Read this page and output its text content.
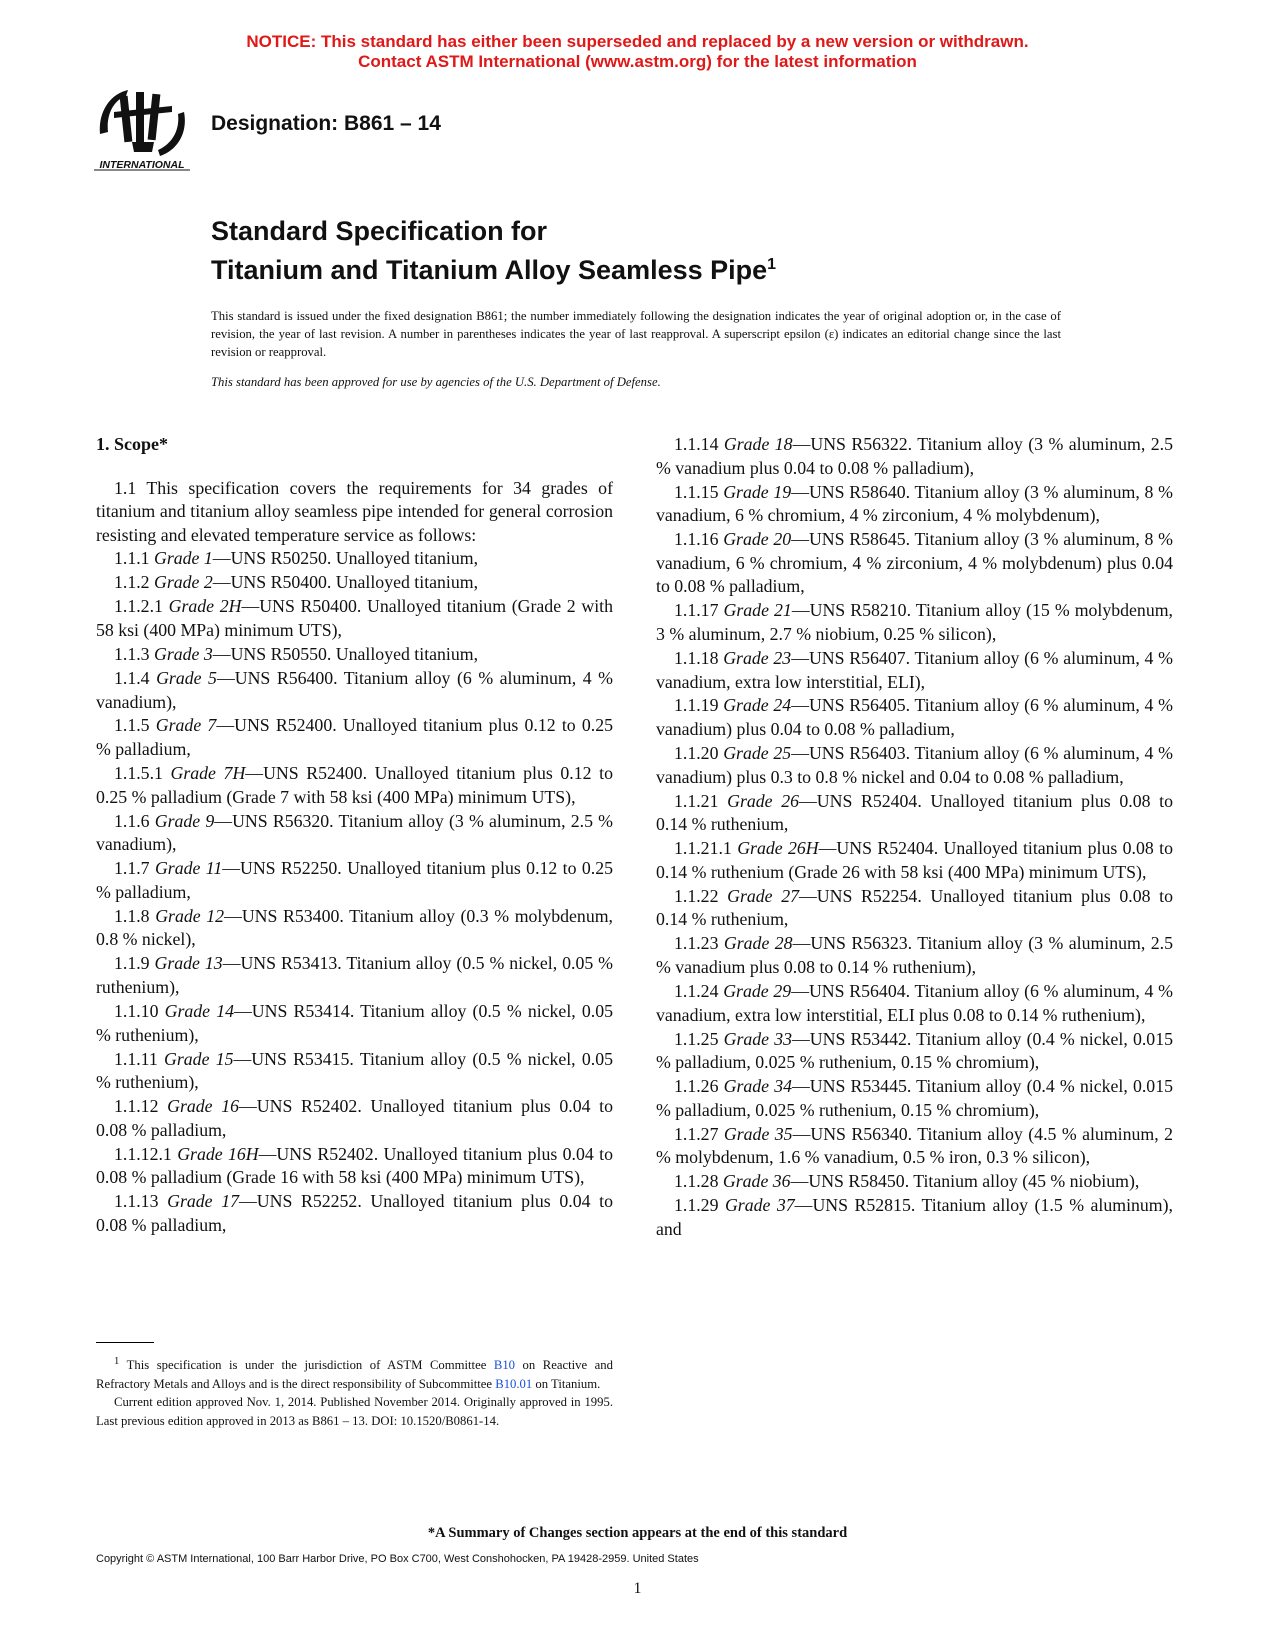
NOTICE: This standard has either been superseded and replaced by a new version or withdrawn.
Contact ASTM International (www.astm.org) for the latest information
INTERNATIONAL
Designation: B861 – 14
Standard Specification for
Titanium and Titanium Alloy Seamless Pipe$^1$
This standard is issued under the fixed designation B861; the number immediately following the designation indicates the year of original adoption or, in the case of revision, the year of last revision. A number in parentheses indicates the year of last reapproval. A superscript epsilon (ε) indicates an editorial change since the last revision or reapproval.
This standard has been approved for use by agencies of the U.S. Department of Defense.

1. Scope*

1.1 This specification covers the requirements for 34 grades of titanium and titanium alloy seamless pipe intended for general corrosion resisting and elevated temperature service as follows:

1.1.1 Grade 1—UNS R50250. Unalloyed titanium,

1.1.2 Grade 2—UNS R50400. Unalloyed titanium,

1.1.2.1 Grade 2H—UNS R50400. Unalloyed titanium (Grade 2 with 58 ksi (400 MPa) minimum UTS),

1.1.3 Grade 3—UNS R50550. Unalloyed titanium,

1.1.4 Grade 5—UNS R56400. Titanium alloy (6 % aluminum, 4 % vanadium),

1.1.5 Grade 7—UNS R52400. Unalloyed titanium plus 0.12 to 0.25 % palladium,

1.1.5.1 Grade 7H—UNS R52400. Unalloyed titanium plus 0.12 to 0.25 % palladium (Grade 7 with 58 ksi (400 MPa) minimum UTS),

1.1.6 Grade 9—UNS R56320. Titanium alloy (3 % aluminum, 2.5 % vanadium),

1.1.7 Grade 11—UNS R52250. Unalloyed titanium plus 0.12 to 0.25 % palladium,

1.1.8 Grade 12—UNS R53400. Titanium alloy (0.3 % molybdenum, 0.8 % nickel),

1.1.9 Grade 13—UNS R53413. Titanium alloy (0.5 % nickel, 0.05 % ruthenium),

1.1.10 Grade 14—UNS R53414. Titanium alloy (0.5 % nickel, 0.05 % ruthenium),

1.1.11 Grade 15—UNS R53415. Titanium alloy (0.5 % nickel, 0.05 % ruthenium),

1.1.12 Grade 16—UNS R52402. Unalloyed titanium plus 0.04 to 0.08 % palladium,

1.1.12.1 Grade 16H—UNS R52402. Unalloyed titanium plus 0.04 to 0.08 % palladium (Grade 16 with 58 ksi (400 MPa) minimum UTS),

1.1.13 Grade 17—UNS R52252. Unalloyed titanium plus 0.04 to 0.08 % palladium,

1.1.14 Grade 18—UNS R56322. Titanium alloy (3 % aluminum, 2.5 % vanadium plus 0.04 to 0.08 % palladium),

1.1.15 Grade 19—UNS R58640. Titanium alloy (3 % aluminum, 8 % vanadium, 6 % chromium, 4 % zirconium, 4 % molybdenum),

1.1.16 Grade 20—UNS R58645. Titanium alloy (3 % aluminum, 8 % vanadium, 6 % chromium, 4 % zirconium, 4 % molybdenum) plus 0.04 to 0.08 % palladium,

1.1.17 Grade 21—UNS R58210. Titanium alloy (15 % molybdenum, 3 % aluminum, 2.7 % niobium, 0.25 % silicon),

1.1.18 Grade 23—UNS R56407. Titanium alloy (6 % aluminum, 4 % vanadium, extra low interstitial, ELI),

1.1.19 Grade 24—UNS R56405. Titanium alloy (6 % aluminum, 4 % vanadium) plus 0.04 to 0.08 % palladium,

1.1.20 Grade 25—UNS R56403. Titanium alloy (6 % aluminum, 4 % vanadium) plus 0.3 to 0.8 % nickel and 0.04 to 0.08 % palladium,

1.1.21 Grade 26—UNS R52404. Unalloyed titanium plus 0.08 to 0.14 % ruthenium,

1.1.21.1 Grade 26H—UNS R52404. Unalloyed titanium plus 0.08 to 0.14 % ruthenium (Grade 26 with 58 ksi (400 MPa) minimum UTS),

1.1.22 Grade 27—UNS R52254. Unalloyed titanium plus 0.08 to 0.14 % ruthenium,

1.1.23 Grade 28—UNS R56323. Titanium alloy (3 % aluminum, 2.5 % vanadium plus 0.08 to 0.14 % ruthenium),

1.1.24 Grade 29—UNS R56404. Titanium alloy (6 % aluminum, 4 % vanadium, extra low interstitial, ELI plus 0.08 to 0.14 % ruthenium),

1.1.25 Grade 33—UNS R53442. Titanium alloy (0.4 % nickel, 0.015 % palladium, 0.025 % ruthenium, 0.15 % chromium),

1.1.26 Grade 34—UNS R53445. Titanium alloy (0.4 % nickel, 0.015 % palladium, 0.025 % ruthenium, 0.15 % chromium),

1.1.27 Grade 35—UNS R56340. Titanium alloy (4.5 % aluminum, 2 % molybdenum, 1.6 % vanadium, 0.5 % iron, 0.3 % silicon),

1.1.28 Grade 36—UNS R58450. Titanium alloy (45 % niobium),

1.1.29 Grade 37—UNS R52815. Titanium alloy (1.5 % aluminum), and

$^1$ This specification is under the jurisdiction of ASTM Committee B10 on Reactive and Refractory Metals and Alloys and is the direct responsibility of Subcommittee B10.01 on Titanium.

Current edition approved Nov. 1, 2014. Published November 2014. Originally approved in 1995. Last previous edition approved in 2013 as B861 – 13. DOI: 10.1520/B0861-14.

*A Summary of Changes section appears at the end of this standard
Copyright © ASTM International, 100 Barr Harbor Drive, PO Box C700, West Conshohocken, PA 19428-2959. United States
1
